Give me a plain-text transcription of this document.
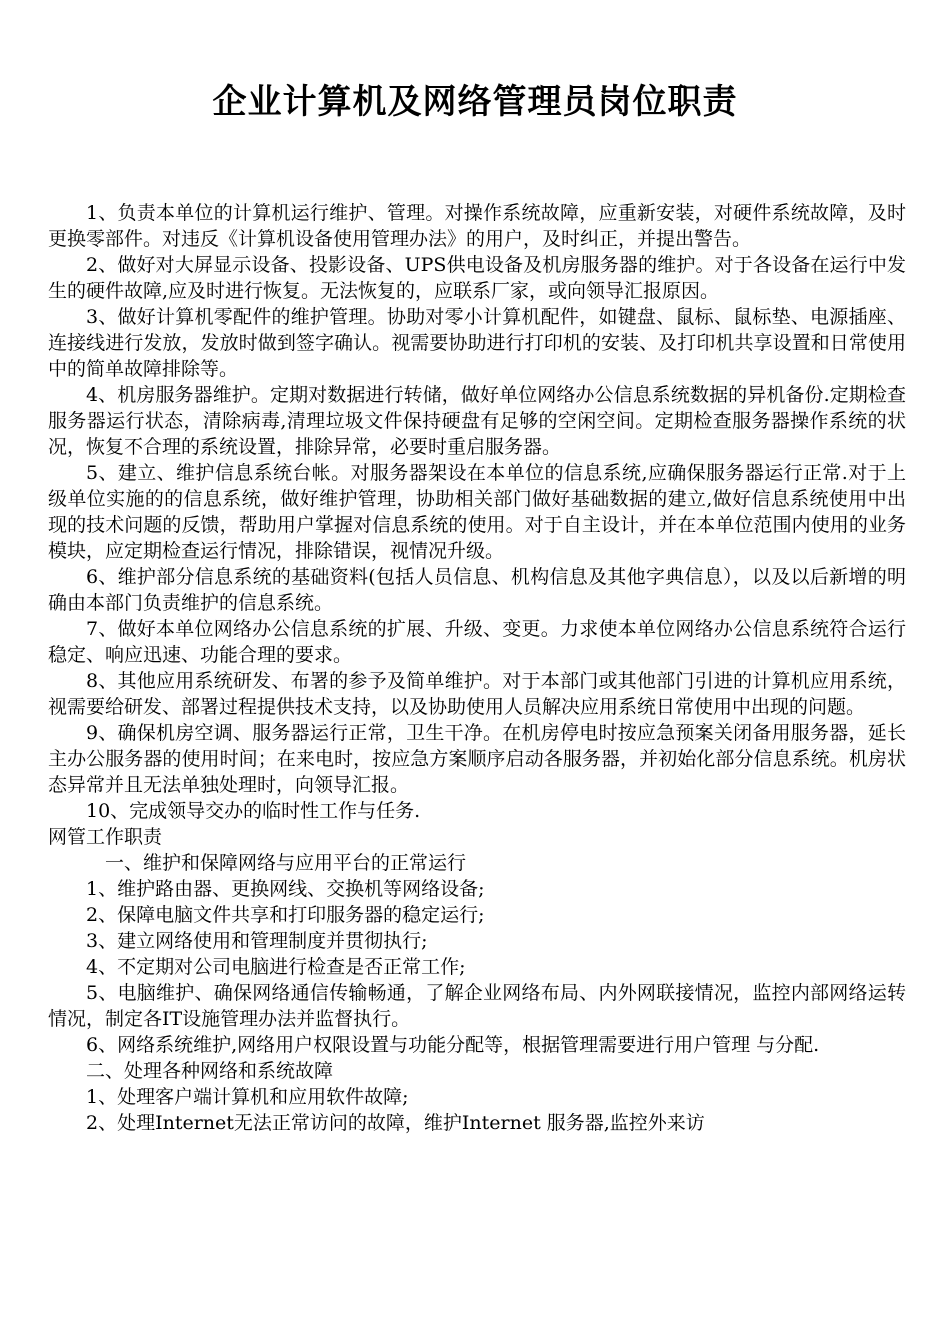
企业计算机及网络管理员岗位职责

1、负责本单位的计算机运行维护、管理。对操作系统故障，应重新安装，对硬件系统故障，及时更换零部件。对违反《计算机设备使用管理办法》的用户，及时纠正，并提出警告。

2、做好对大屏显示设备、投影设备、UPS供电设备及机房服务器的维护。对于各设备在运行中发生的硬件故障,应及时进行恢复。无法恢复的，应联系厂家，或向领导汇报原因。

3、做好计算机零配件的维护管理。协助对零小计算机配件，如键盘、鼠标、鼠标垫、电源插座、连接线进行发放，发放时做到签字确认。视需要协助进行打印机的安装、及打印机共享设置和日常使用中的简单故障排除等。

4、机房服务器维护。定期对数据进行转储，做好单位网络办公信息系统数据的异机备份.定期检查服务器运行状态，清除病毒,清理垃圾文件保持硬盘有足够的空闲空间。定期检查服务器操作系统的状况，恢复不合理的系统设置，排除异常，必要时重启服务器。

5、建立、维护信息系统台帐。对服务器架设在本单位的信息系统,应确保服务器运行正常.对于上级单位实施的的信息系统，做好维护管理，协助相关部门做好基础数据的建立,做好信息系统使用中出现的技术问题的反馈，帮助用户掌握对信息系统的使用。对于自主设计，并在本单位范围内使用的业务模块，应定期检查运行情况，排除错误，视情况升级。

6、维护部分信息系统的基础资料(包括人员信息、机构信息及其他字典信息），以及以后新增的明确由本部门负责维护的信息系统。

7、做好本单位网络办公信息系统的扩展、升级、变更。力求使本单位网络办公信息系统符合运行稳定、响应迅速、功能合理的要求。

8、其他应用系统研发、布署的参予及简单维护。对于本部门或其他部门引进的计算机应用系统，视需要给研发、部署过程提供技术支持，以及协助使用人员解决应用系统日常使用中出现的问题。

9、确保机房空调、服务器运行正常，卫生干净。在机房停电时按应急预案关闭备用服务器，延长主办公服务器的使用时间；在来电时，按应急方案顺序启动各服务器，并初始化部分信息系统。机房状态异常并且无法单独处理时，向领导汇报。

10、完成领导交办的临时性工作与任务.

网管工作职责

一、维护和保障网络与应用平台的正常运行

1、维护路由器、更换网线、交换机等网络设备;

2、保障电脑文件共享和打印服务器的稳定运行;

3、建立网络使用和管理制度并贯彻执行;

4、不定期对公司电脑进行检查是否正常工作;

5、电脑维护、确保网络通信传输畅通，了解企业网络布局、内外网联接情况，监控内部网络运转情况，制定各IT设施管理办法并监督执行。

6、网络系统维护,网络用户权限设置与功能分配等，根据管理需要进行用户管理 与分配.

二、处理各种网络和系统故障

1、处理客户端计算机和应用软件故障;

2、处理Internet无法正常访问的故障，维护Internet 服务器,监控外来访
